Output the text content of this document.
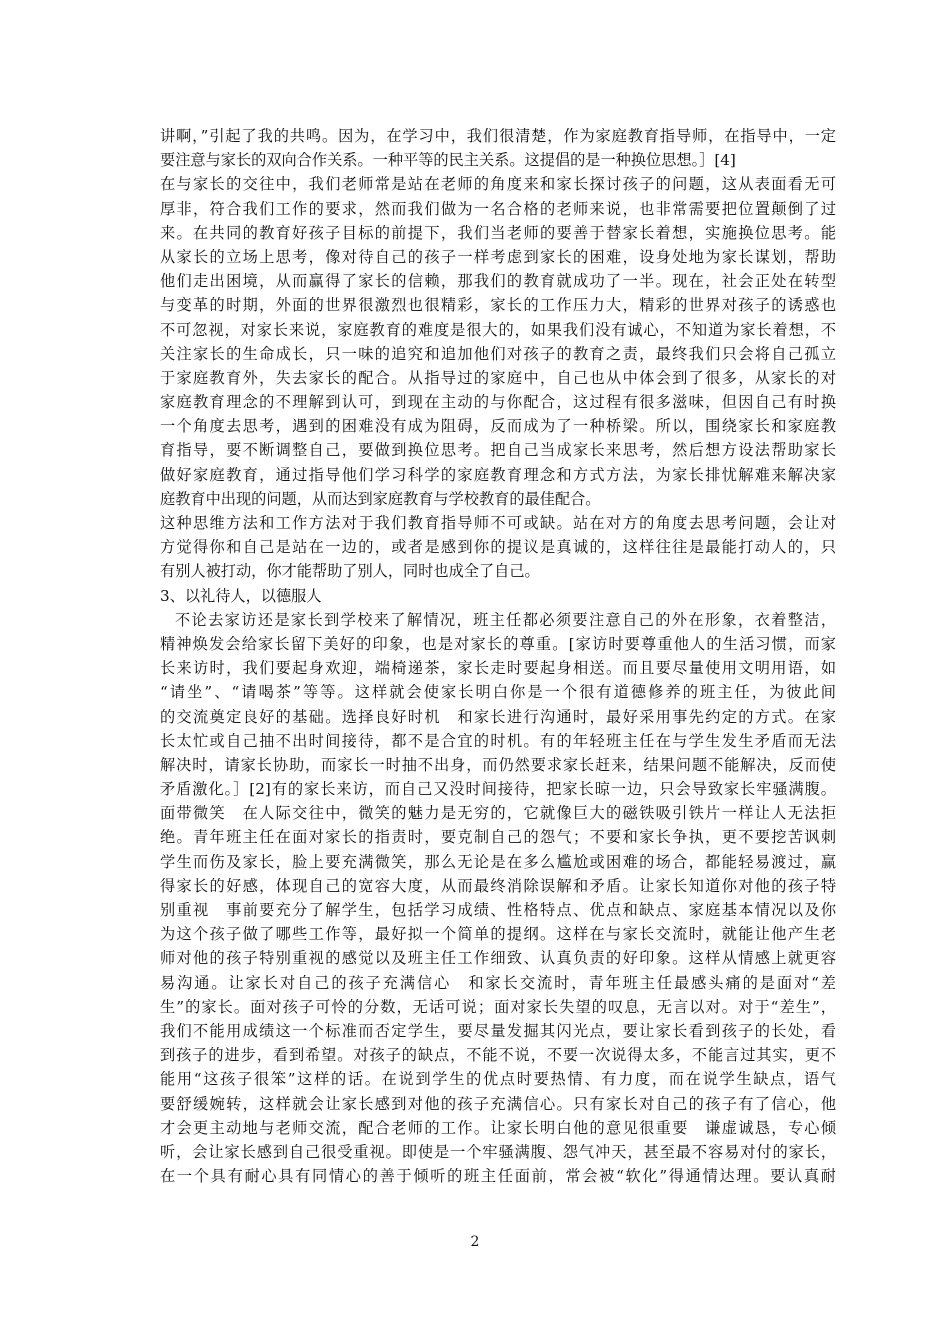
讲啊，”引起了我的共鸣。因为，在学习中，我们很清楚，作为家庭教育指导师，在指导中，一定
要注意与家长的双向合作关系。一种平等的民主关系。这提倡的是一种换位思想。］[4]
在与家长的交往中，我们老师常是站在老师的角度来和家长探讨孩子的问题，这从表面看无可
厚非，符合我们工作的要求，然而我们做为一名合格的老师来说，也非常需要把位置颠倒了过
来。在共同的教育好孩子目标的前提下，我们当老师的要善于替家长着想，实施换位思考。能
从家长的立场上思考，像对待自己的孩子一样考虑到家长的困难，设身处地为家长谋划，帮助
他们走出困境，从而赢得了家长的信赖，那我们的教育就成功了一半。现在，社会正处在转型
与变革的时期，外面的世界很激烈也很精彩，家长的工作压力大，精彩的世界对孩子的诱惑也
不可忽视，对家长来说，家庭教育的难度是很大的，如果我们没有诚心，不知道为家长着想，不
关注家长的生命成长，只一味的追究和追加他们对孩子的教育之责，最终我们只会将自己孤立
于家庭教育外，失去家长的配合。从指导过的家庭中，自己也从中体会到了很多，从家长的对
家庭教育理念的不理解到认可，到现在主动的与你配合，这过程有很多滋味，但因自己有时换
一个角度去思考，遇到的困难没有成为阻碍，反而成为了一种桥梁。所以，围绕家长和家庭教
育指导，要不断调整自己，要做到换位思考。把自己当成家长来思考，然后想方设法帮助家长
做好家庭教育，通过指导他们学习科学的家庭教育理念和方式方法，为家长排忧解难来解决家
庭教育中出现的问题，从而达到家庭教育与学校教育的最佳配合。
这种思维方法和工作方法对于我们教育指导师不可或缺。站在对方的角度去思考问题，会让对
方觉得你和自己是站在一边的，或者是感到你的提议是真诚的，这样往往是最能打动人的，只
有别人被打动，你才能帮助了别人，同时也成全了自己。
3、以礼待人，以德服人
不论去家访还是家长到学校来了解情况，班主任都必须要注意自己的外在形象，衣着整洁，
精神焕发会给家长留下美好的印象，也是对家长的尊重。[家访时要尊重他人的生活习惯，而家
长来访时，我们要起身欢迎，端椅递茶，家长走时要起身相送。而且要尽量使用文明用语，如
“请坐”、“请喝茶”等等。这样就会使家长明白你是一个很有道德修养的班主任，为彼此间
的交流奠定良好的基础。选择良好时机　和家长进行沟通时，最好采用事先约定的方式。在家
长太忙或自己抽不出时间接待，都不是合宜的时机。有的年轻班主任在与学生发生矛盾而无法
解决时，请家长协助，而家长一时抽不出身，而仍然要求家长赶来，结果问题不能解决，反而使
矛盾激化。］[2]有的家长来访，而自己又没时间接待，把家长晾一边，只会导致家长牢骚满腹。
面带微笑　在人际交往中，微笑的魅力是无穷的，它就像巨大的磁铁吸引铁片一样让人无法拒
绝。青年班主任在面对家长的指责时，要克制自己的怨气；不要和家长争执，更不要挖苦讽刺
学生而伤及家长，脸上要充满微笑，那么无论是在多么尴尬或困难的场合，都能轻易渡过，赢
得家长的好感，体现自己的宽容大度，从而最终消除误解和矛盾。让家长知道你对他的孩子特
别重视　事前要充分了解学生，包括学习成绩、性格特点、优点和缺点、家庭基本情况以及你
为这个孩子做了哪些工作等，最好拟一个简单的提纲。这样在与家长交流时，就能让他产生老
师对他的孩子特别重视的感觉以及班主任工作细致、认真负责的好印象。这样从情感上就更容
易沟通。让家长对自己的孩子充满信心　和家长交流时，青年班主任最感头痛的是面对“差
生”的家长。面对孩子可怜的分数，无话可说；面对家长失望的叹息，无言以对。对于“差生”，
我们不能用成绩这一个标准而否定学生，要尽量发掘其闪光点，要让家长看到孩子的长处，看
到孩子的进步，看到希望。对孩子的缺点，不能不说，不要一次说得太多，不能言过其实，更不
能用“这孩子很笨”这样的话。在说到学生的优点时要热情、有力度，而在说学生缺点，语气
要舒缓婉转，这样就会让家长感到对他的孩子充满信心。只有家长对自己的孩子有了信心，他
才会更主动地与老师交流，配合老师的工作。让家长明白他的意见很重要　谦虚诚恳，专心倾
听，会让家长感到自己很受重视。即使是一个牢骚满腹、怨气冲天，甚至最不容易对付的家长，
在一个具有耐心具有同情心的善于倾听的班主任面前，常会被“软化”得通情达理。要认真耐
2
